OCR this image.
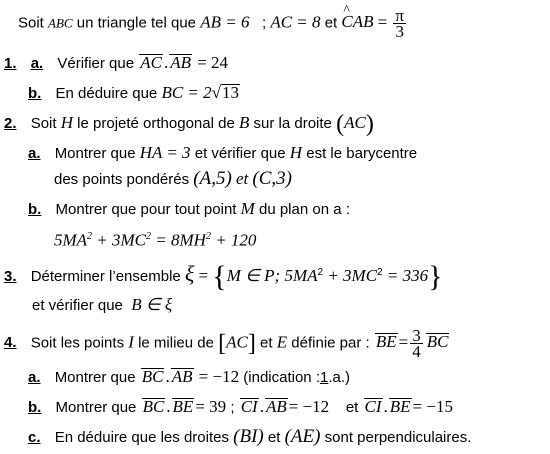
Soit ABC un triangle tel que AB = 6 ; AC = 8 et ^ CAB = $\frac{\pi}{3}$
1. a. Vérifier que AC . AB = 24
b. En déduire que BC = 2√13
2. Soit H le projeté orthogonal de B sur la droite (AC)
a. Montrer que HA = 3 et vérifier que H est le barycentre
des points pondérés (A,5) et (C,3)
b. Montrer que pour tout point M du plan on a :
$5MA^2 + 3MC^2 = 8MH^2 + 120$
3. Déterminer l’ensemble ξ = {M ∈ P; $5MA^2 + 3MC^2 = 336$}
et vérifier que B ∈ ξ
4. Soit les points I le milieu de [AC] et E définie par : BE = $\frac{3}{4}$ BC
a. Montrer que BC . AB = −12 (indication :1.a.)
b. Montrer que BC . BE = 39 ; CI . AB = −12 et CI . BE = −15
c. En déduire que les droites (BI) et (AE) sont perpendiculaires.
